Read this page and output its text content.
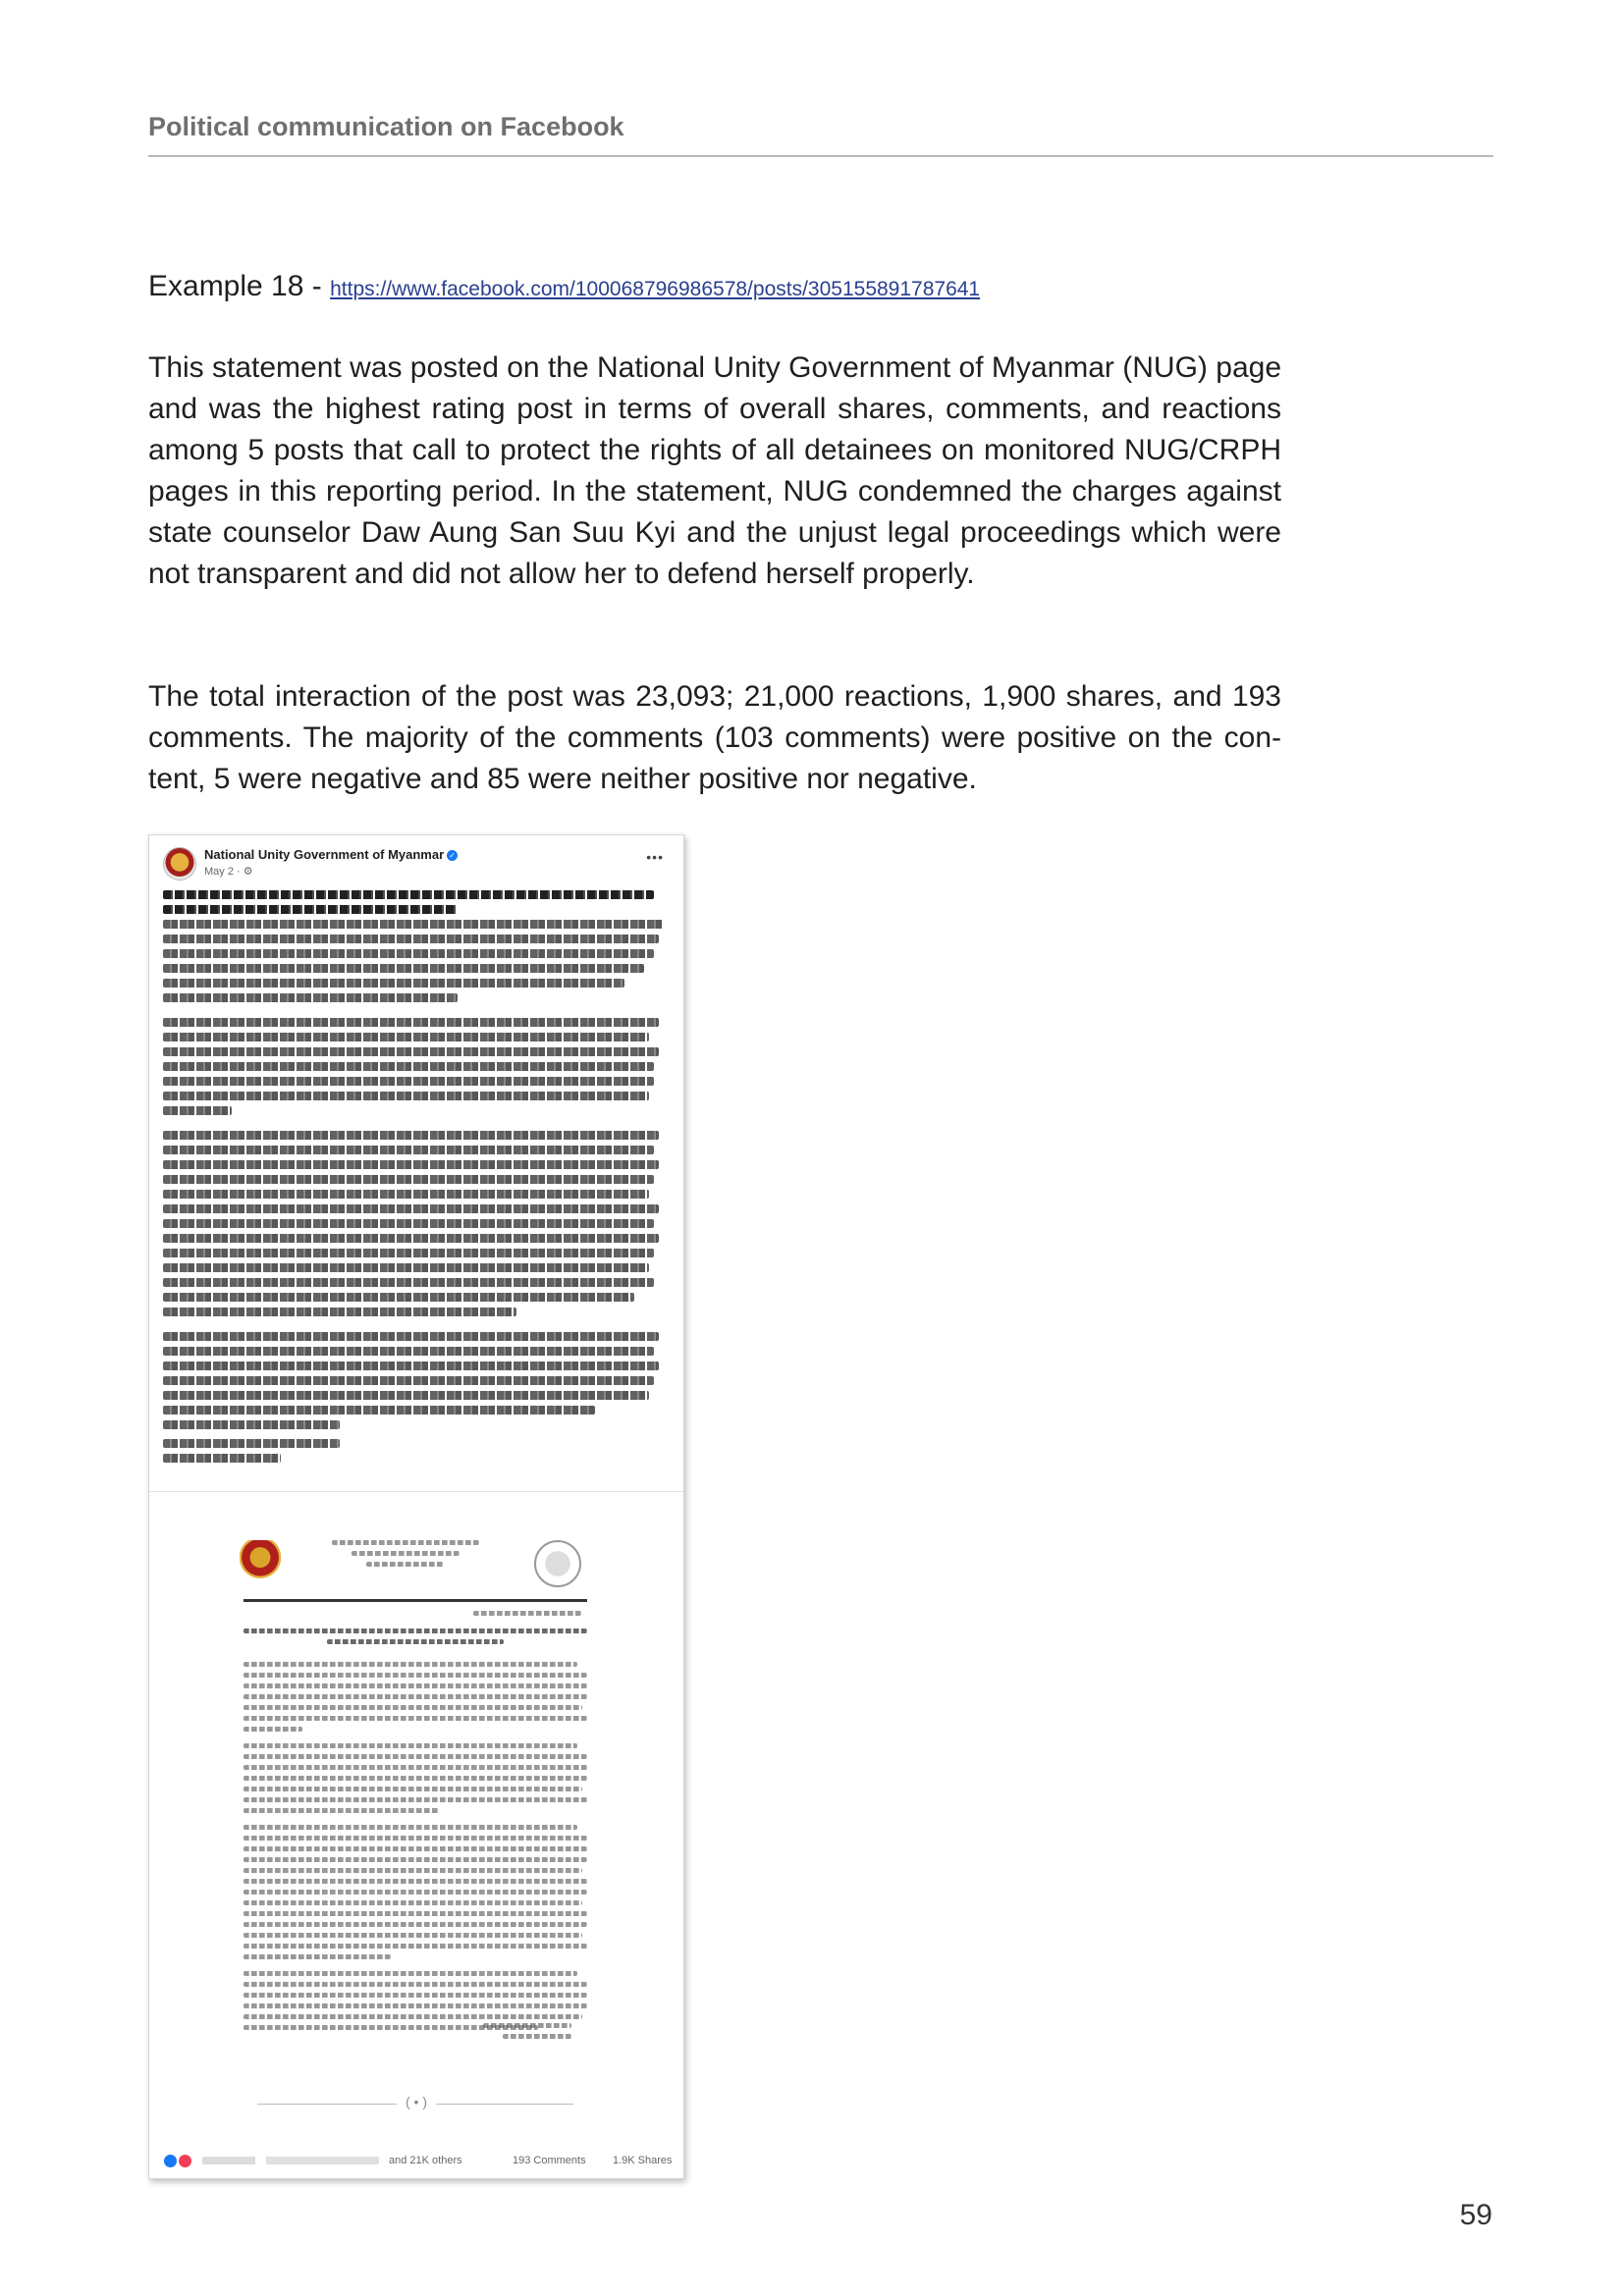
Political communication on Facebook
Example 18 - https://www.facebook.com/100068796986578/posts/305155891787641

This statement was posted on the National Unity Government of Myanmar (NUG) page and was the highest rating post in terms of overall shares, comments, and reactions among 5 posts that call to protect the rights of all detainees on monitored NUG/CRPH pages in this reporting period. In the statement, NUG condemned the charges against state counselor Daw Aung San Suu Kyi and the unjust legal proceedings which were not transparent and did not allow her to defend herself properly.

The total interaction of the post was 23,093; 21,000 reactions, 1,900 shares, and 193 comments. The majority of the comments (103 comments) were positive on the con-tent, 5 were negative and 85 were neither positive nor negative.

National Unity Government of Myanmar ✓
May 2 · ⚙
•••
( • )

and 21K others	193 Comments 1.9K Shares
59
